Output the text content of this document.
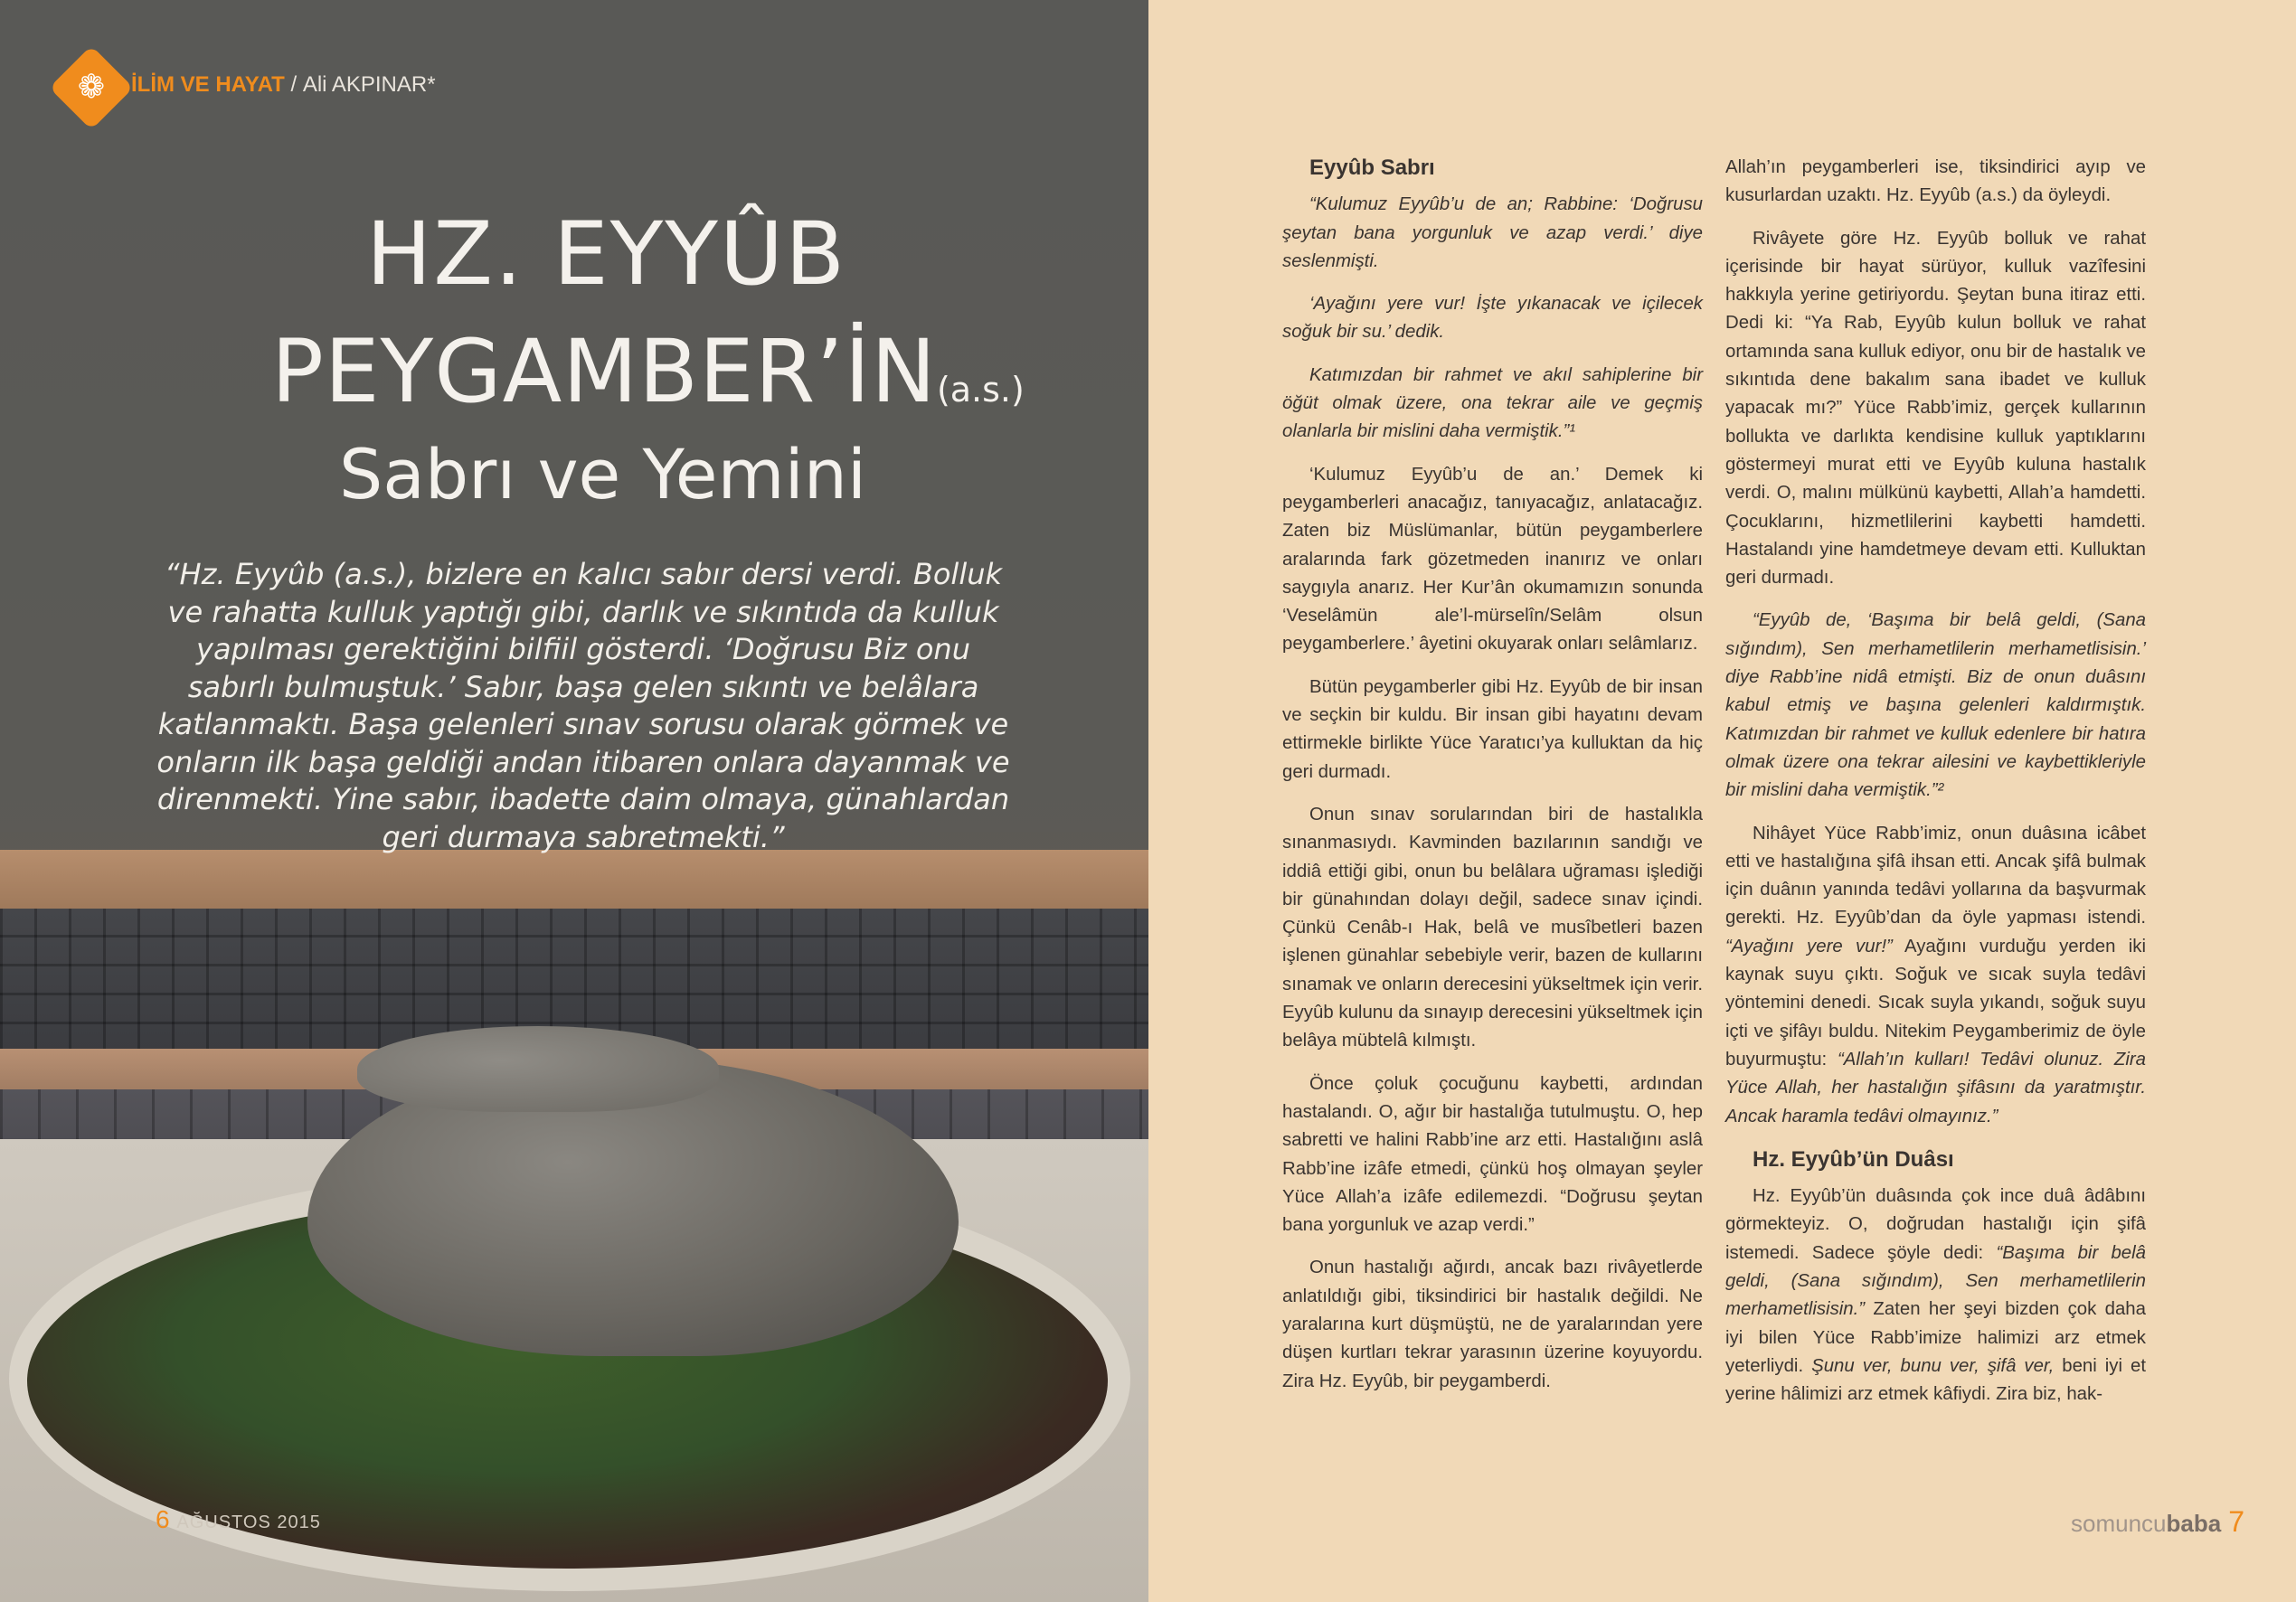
❁	İLİM VE HAYAT / Ali AKPINAR*
HZ. EYYÛB
PEYGAMBER’İN(a.s.)
Sabrı ve Yemini
“Hz. Eyyûb (a.s.), bizlere en kalıcı sabır dersi verdi. Bolluk ve rahatta kulluk yaptığı gibi, darlık ve sıkıntıda da kulluk yapılması gerektiğini bilfiil gösterdi. ‘Doğrusu Biz onu sabırlı bulmuştuk.’ Sabır, başa gelen sıkıntı ve belâlara katlanmaktı. Başa gelenleri sınav sorusu olarak görmek ve onların ilk başa geldiği andan itibaren onlara dayanmak ve direnmekti. Yine sabır, ibadette daim olmaya, günahlardan geri durmaya sabretmekti.”
6 AĞUSTOS 2015
Eyyûb Sabrı

“Kulumuz Eyyûb’u de an; Rabbine: ‘Doğrusu şeytan bana yorgunluk ve azap verdi.’ diye seslenmişti.

‘Ayağını yere vur! İşte yıkanacak ve içilecek soğuk bir su.’ dedik.

Katımızdan bir rahmet ve akıl sahiplerine bir öğüt olmak üzere, ona tekrar aile ve geçmiş olanlarla bir mislini daha vermiştik.”¹

‘Kulumuz Eyyûb’u de an.’ Demek ki peygamberleri anacağız, tanıyacağız, anlatacağız. Zaten biz Müslümanlar, bütün peygamberlere aralarında fark gözetmeden inanırız ve onları saygıyla anarız. Her Kur’ân okumamızın sonunda ‘Veselâmün ale’l-mürselîn/Selâm olsun peygamberlere.’ âyetini okuyarak onları selâmlarız.

Bütün peygamberler gibi Hz. Eyyûb de bir insan ve seçkin bir kuldu. Bir insan gibi hayatını devam ettirmekle birlikte Yüce Yaratıcı’ya kulluktan da hiç geri durmadı.

Onun sınav sorularından biri de hastalıkla sınanmasıydı. Kavminden bazılarının sandığı ve iddiâ ettiği gibi, onun bu belâlara uğraması işlediği bir günahından dolayı değil, sadece sınav içindi. Çünkü Cenâb-ı Hak, belâ ve musîbetleri bazen işlenen günahlar sebebiyle verir, bazen de kullarını sınamak ve onların derecesini yükseltmek için verir. Eyyûb kulunu da sınayıp derecesini yükseltmek için belâya mübtelâ kılmıştı.

Önce çoluk çocuğunu kaybetti, ardından hastalandı. O, ağır bir hastalığa tutulmuştu. O, hep sabretti ve halini Rabb’ine arz etti. Hastalığını aslâ Rabb’ine izâfe etmedi, çünkü hoş olmayan şeyler Yüce Allah’a izâfe edilemezdi. “Doğrusu şeytan bana yorgunluk ve azap verdi.”

Onun hastalığı ağırdı, ancak bazı rivâyetlerde anlatıldığı gibi, tiksindirici bir hastalık değildi. Ne yaralarına kurt düşmüştü, ne de yaralarından yere düşen kurtları tekrar yarasının üzerine koyuyordu. Zira Hz. Eyyûb, bir peygamberdi.

Allah’ın peygamberleri ise, tiksindirici ayıp ve kusurlardan uzaktı. Hz. Eyyûb (a.s.) da öyleydi.

Rivâyete göre Hz. Eyyûb bolluk ve rahat içerisinde bir hayat sürüyor, kulluk vazîfesini hakkıyla yerine getiriyordu. Şeytan buna itiraz etti. Dedi ki: “Ya Rab, Eyyûb kulun bolluk ve rahat ortamında sana kulluk ediyor, onu bir de hastalık ve sıkıntıda dene bakalım sana ibadet ve kulluk yapacak mı?” Yüce Rabb’imiz, gerçek kullarının bollukta ve darlıkta kendisine kulluk yaptıklarını göstermeyi murat etti ve Eyyûb kuluna hastalık verdi. O, malını mülkünü kaybetti, Allah’a hamdetti. Çocuklarını, hizmetlilerini kaybetti hamdetti. Hastalandı yine hamdetmeye devam etti. Kulluktan geri durmadı.

“Eyyûb de, ‘Başıma bir belâ geldi, (Sana sığındım), Sen merhametlilerin merhametlisisin.’ diye Rabb’ine nidâ etmişti. Biz de onun duâsını kabul etmiş ve başına gelenleri kaldırmıştık. Katımızdan bir rahmet ve kulluk edenlere bir hatıra olmak üzere ona tekrar ailesini ve kaybettikleriyle bir mislini daha vermiştik.”²

Nihâyet Yüce Rabb’imiz, onun duâsına icâbet etti ve hastalığına şifâ ihsan etti. Ancak şifâ bulmak için duânın yanında tedâvi yollarına da başvurmak gerekti. Hz. Eyyûb’dan da öyle yapması istendi. “Ayağını yere vur!” Ayağını vurduğu yerden iki kaynak suyu çıktı. Soğuk ve sıcak suyla tedâvi yöntemini denedi. Sıcak suyla yıkandı, soğuk suyu içti ve şifâyı buldu. Nitekim Peygamberimiz de öyle buyurmuştu: “Allah’ın kulları! Tedâvi olunuz. Zira Yüce Allah, her hastalığın şifâsını da yaratmıştır. Ancak haramla tedâvi olmayınız.”

Hz. Eyyûb’ün Duâsı

Hz. Eyyûb’ün duâsında çok ince duâ âdâbını görmekteyiz. O, doğrudan hastalığı için şifâ istemedi. Sadece şöyle dedi: “Başıma bir belâ geldi, (Sana sığındım), Sen merhametlilerin merhametlisisin.” Zaten her şeyi bizden çok daha iyi bilen Yüce Rabb’imize halimizi arz etmek yeterliydi. Şunu ver, bunu ver, şifâ ver, beni iyi et yerine hâlimizi arz etmek kâfiydi. Zira biz, hak-

somuncubaba 7
